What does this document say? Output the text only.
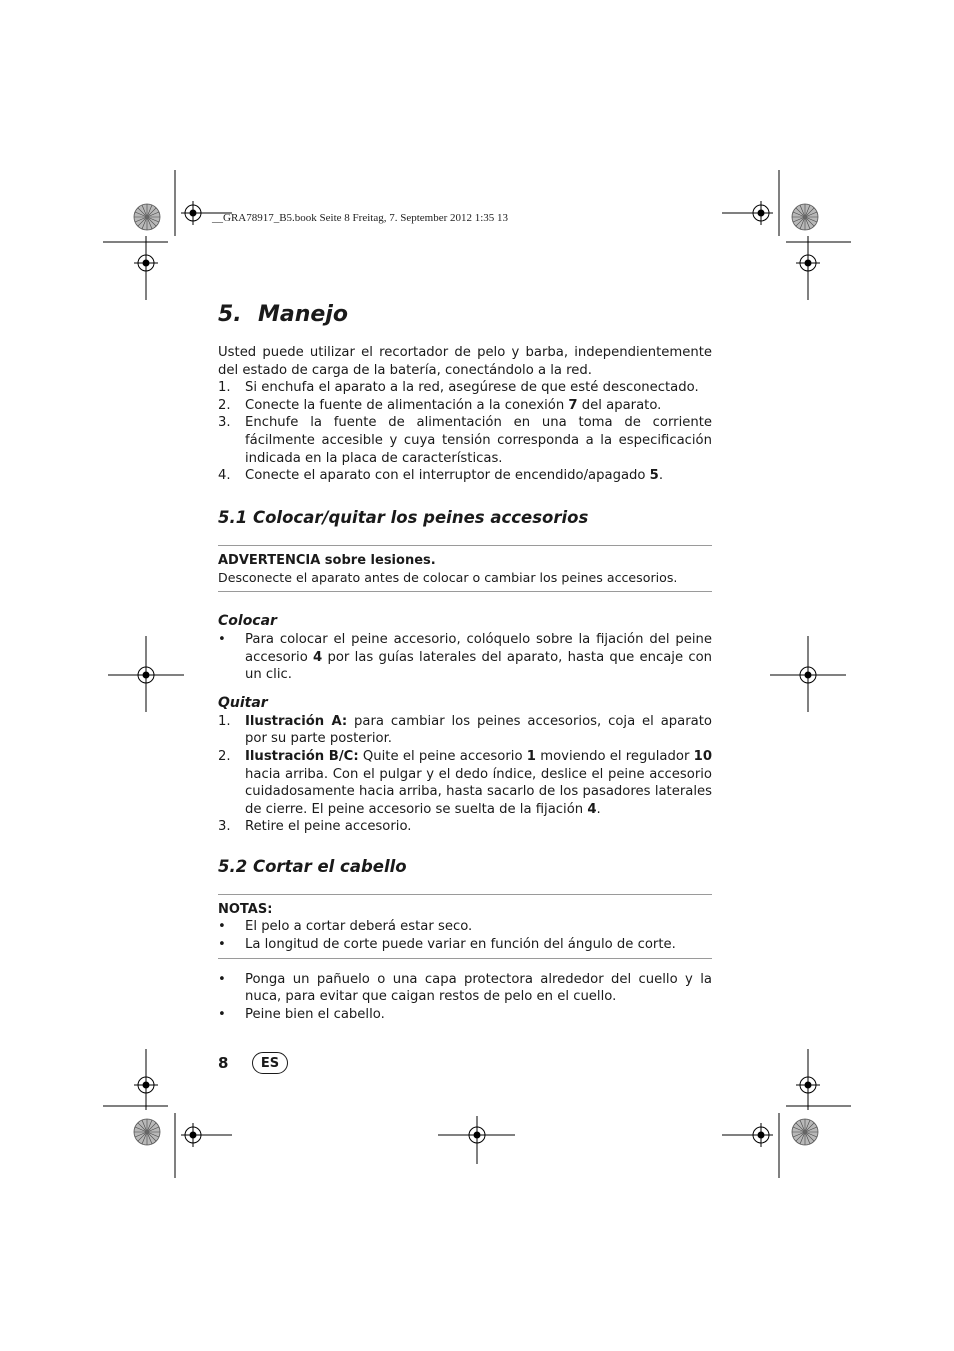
__GRA78917_B5.book Seite 8 Freitag, 7. September 2012 1:35 13
5. Manejo

Usted puede utilizar el recortador de pelo y barba, independientemente del estado de carga de la batería, conectándolo a la red.

1.	Si enchufa el aparato a la red, asegúrese de que esté desconectado.
2.	Conecte la fuente de alimentación a la conexión 7 del aparato.
3.	Enchufe la fuente de alimentación en una toma de corriente fácilmente accesible y cuya tensión corresponda a la especificación indicada en la placa de características.
4.	Conecte el aparato con el interruptor de encendido/apagado 5.
5.1 Colocar/quitar los peines accesorios
ADVERTENCIA sobre lesiones.
Desconecte el aparato antes de colocar o cambiar los peines accesorios.
Colocar
•	Para colocar el peine accesorio, colóquelo sobre la fijación del peine accesorio 4 por las guías laterales del aparato, hasta que encaje con un clic.
Quitar
1.	Ilustración A: para cambiar los peines accesorios, coja el aparato por su parte posterior.
2.	Ilustración B/C: Quite el peine accesorio 1 moviendo el regulador 10 hacia arriba. Con el pulgar y el dedo índice, deslice el peine accesorio cuidadosamente hacia arriba, hasta sacarlo de los pasadores laterales de cierre. El peine accesorio se suelta de la fijación 4.
3.	Retire el peine accesorio.
5.2 Cortar el cabello
NOTAS:
•	El pelo a cortar deberá estar seco.
•	La longitud de corte puede variar en función del ángulo de corte.
•	Ponga un pañuelo o una capa protectora alrededor del cuello y la nuca, para evitar que caigan restos de pelo en el cuello.
•	Peine bien el cabello.
8	ES
